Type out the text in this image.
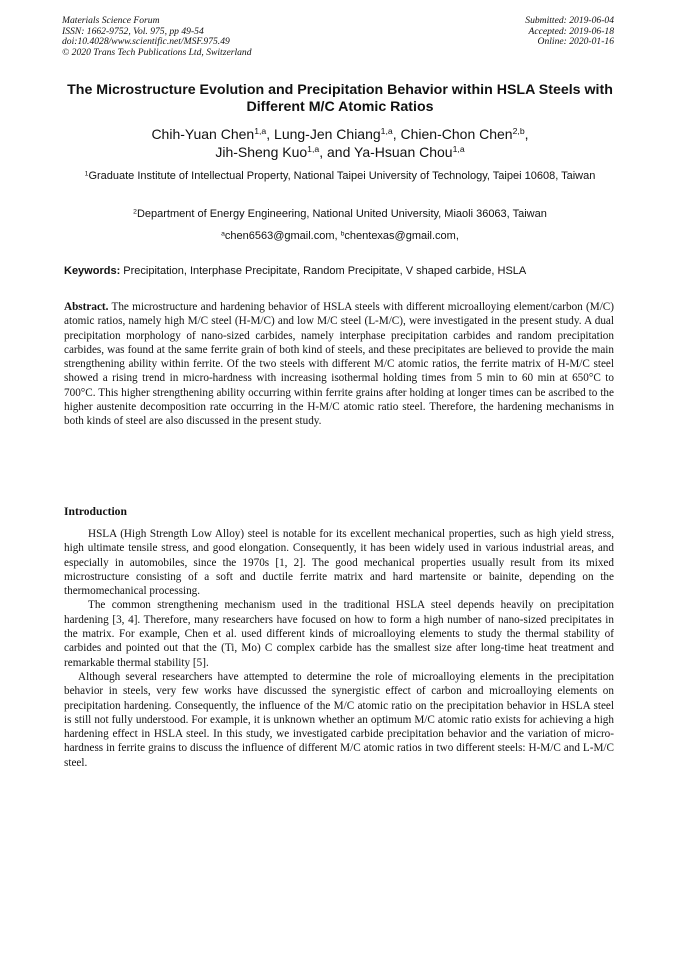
Materials Science Forum
ISSN: 1662-9752, Vol. 975, pp 49-54
doi:10.4028/www.scientific.net/MSF.975.49
© 2020 Trans Tech Publications Ltd, Switzerland
Submitted: 2019-06-04
Accepted: 2019-06-18
Online: 2020-01-16
The Microstructure Evolution and Precipitation Behavior within HSLA Steels with Different M/C Atomic Ratios
Chih-Yuan Chen$^{1,a}$, Lung-Jen Chiang$^{1,a}$, Chien-Chon Chen$^{2,b}$,
Jih-Sheng Kuo$^{1,a}$, and Ya-Hsuan Chou$^{1,a}$
$^1$Graduate Institute of Intellectual Property, National Taipei University of Technology, Taipei 10608, Taiwan
$^2$Department of Energy Engineering, National United University, Miaoli 36063, Taiwan
$^a$chen6563@gmail.com, $^b$chentexas@gmail.com,
Keywords: Precipitation, Interphase Precipitate, Random Precipitate, V shaped carbide, HSLA
Abstract. The microstructure and hardening behavior of HSLA steels with different microalloying element/carbon (M/C) atomic ratios, namely high M/C steel (H-M/C) and low M/C steel (L-M/C), were investigated in the present study. A dual precipitation morphology of nano-sized carbides, namely interphase precipitation carbides and random precipitation carbides, was found at the same ferrite grain of both kind of steels, and these precipitates are believed to provide the main strengthening ability within ferrite. Of the two steels with different M/C atomic ratios, the ferrite matrix of H-M/C steel showed a rising trend in micro-hardness with increasing isothermal holding times from 5 min to 60 min at 650°C to 700°C. This higher strengthening ability occurring within ferrite grains after holding at longer times can be ascribed to the higher austenite decomposition rate occurring in the H-M/C atomic ratio steel. Therefore, the hardening mechanisms in both kinds of steel are also discussed in the present study.
Introduction

HSLA (High Strength Low Alloy) steel is notable for its excellent mechanical properties, such as high yield stress, high ultimate tensile stress, and good elongation. Consequently, it has been widely used in various industrial areas, and especially in automobiles, since the 1970s [1, 2]. The good mechanical properties usually result from its mixed microstructure consisting of a soft and ductile ferrite matrix and hard martensite or bainite, depending on the thermomechanical processing.

The common strengthening mechanism used in the traditional HSLA steel depends heavily on precipitation hardening [3, 4]. Therefore, many researchers have focused on how to form a high number of nano-sized precipitates in the matrix. For example, Chen et al. used different kinds of microalloying elements to study the thermal stability of carbides and pointed out that the (Ti, Mo) C complex carbide has the smallest size after long-time heat treatment and remarkable thermal stability [5].

Although several researchers have attempted to determine the role of microalloying elements in the precipitation behavior in steels, very few works have discussed the synergistic effect of carbon and microalloying elements on precipitation hardening. Consequently, the influence of the M/C atomic ratio on the precipitation behavior in HSLA steel is still not fully understood. For example, it is unknown whether an optimum M/C atomic ratio exists for achieving a high hardening effect in HSLA steel. In this study, we investigated carbide precipitation behavior and the variation of micro-hardness in ferrite grains to discuss the influence of different M/C atomic ratios in two different steels: H-M/C and L-M/C steel.
